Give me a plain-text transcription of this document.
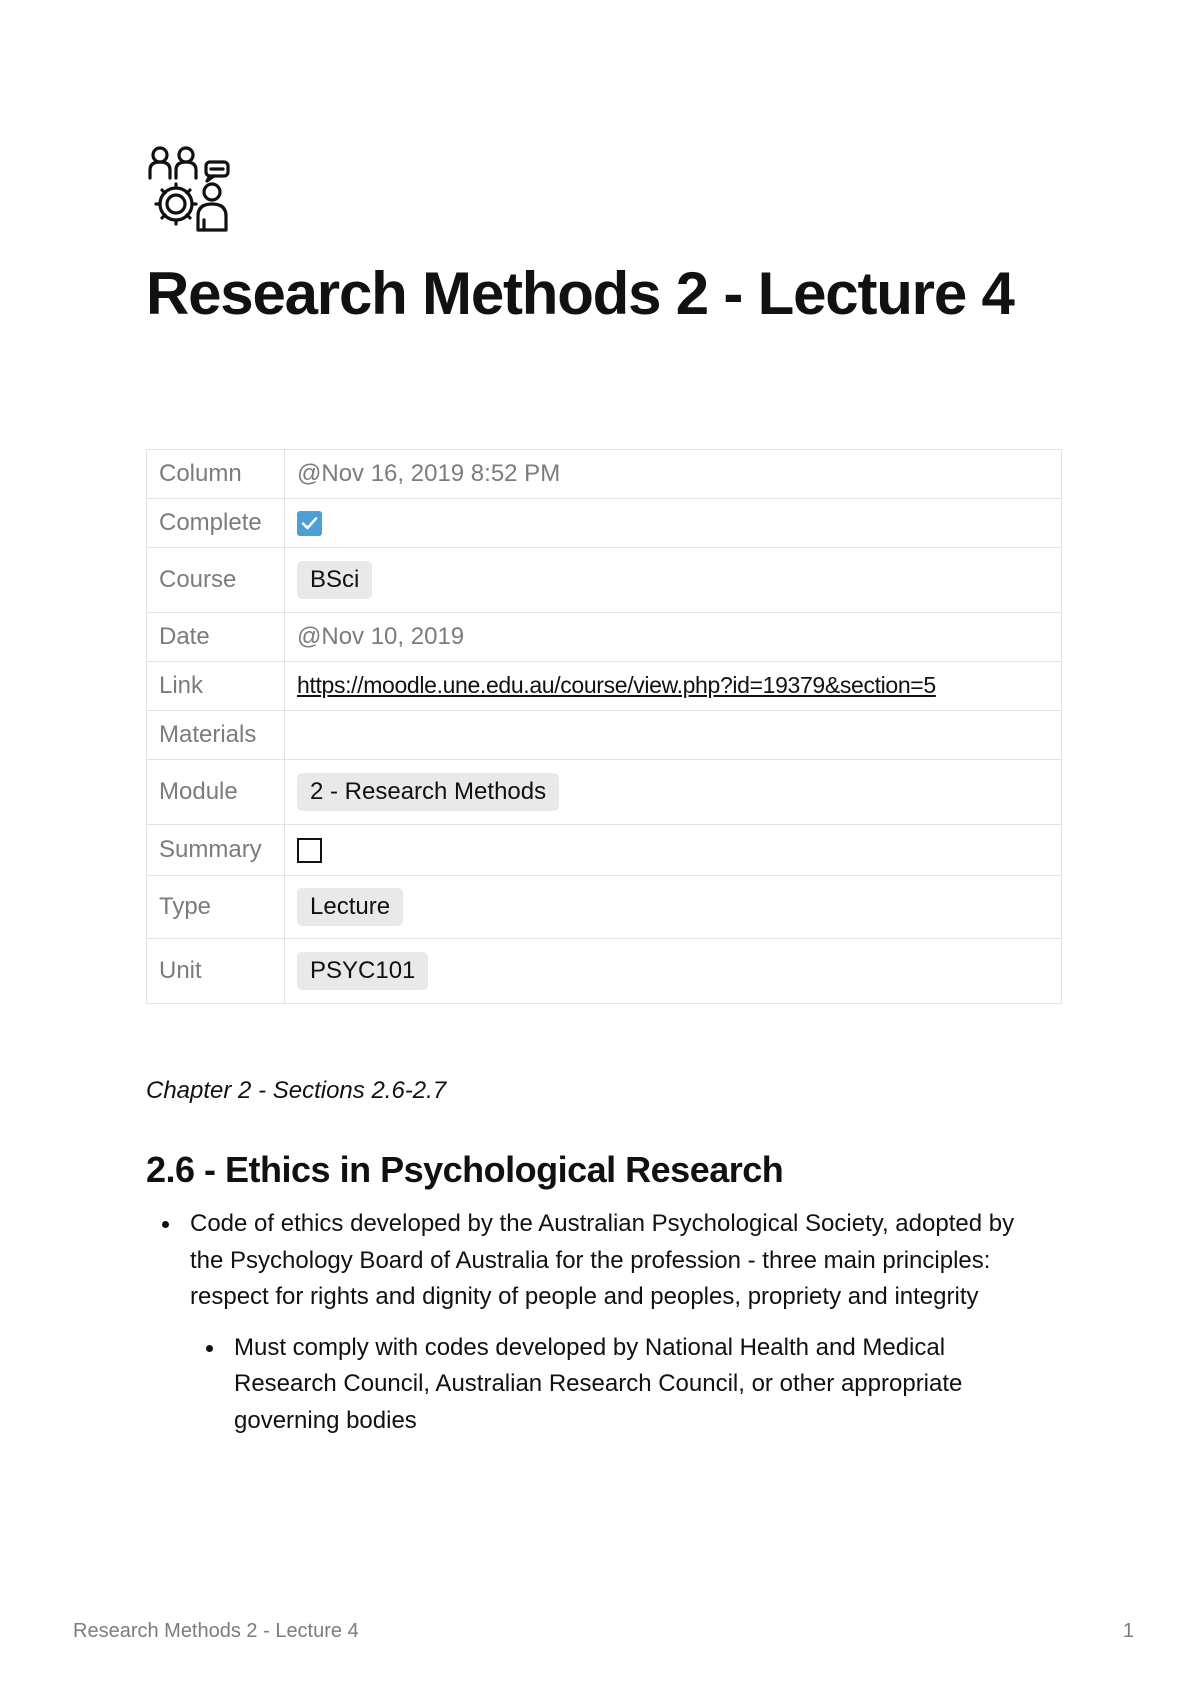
Research Methods 2 - Lecture 4
Column	@Nov 16, 2019 8:52 PM
Complete	

Course	BSci
Date	@Nov 10, 2019
Link	https://moodle.une.edu.au/course/view.php?id=19379&section=5
Materials	
Module	2 - Research Methods
Summary	
Type	Lecture
Unit	PSYC101

Chapter 2 - Sections 2.6-2.7

2.6 - Ethics in Psychological Research
Code of ethics developed by the Australian Psychological Society, adopted by the Psychology Board of Australia for the profession - three main principles: respect for rights and dignity of people and peoples, propriety and integrity
Must comply with codes developed by National Health and Medical Research Council, Australian Research Council, or other appropriate governing bodies
Research Methods 2 - Lecture 4	1
